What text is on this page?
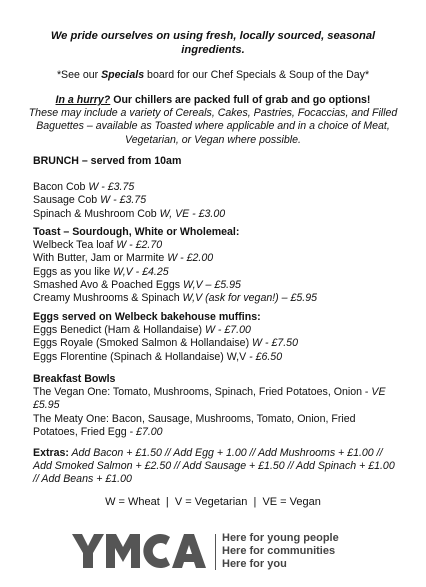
We pride ourselves on using fresh, locally sourced, seasonal ingredients.
*See our Specials board for our Chef Specials & Soup of the Day*
In a hurry? Our chillers are packed full of grab and go options!
These may include a variety of Cereals, Cakes, Pastries, Focaccias, and Filled Baguettes – available as Toasted where applicable and in a choice of Meat, Vegetarian, or Vegan where possible.
BRUNCH – served from 10am
Bacon Cob W - £3.75
Sausage Cob W - £3.75
Spinach & Mushroom Cob W, VE - £3.00
Toast – Sourdough, White or Wholemeal:
Welbeck Tea loaf W - £2.70
With Butter, Jam or Marmite W - £2.00
Eggs as you like W,V - £4.25
Smashed Avo & Poached Eggs W,V – £5.95
Creamy Mushrooms & Spinach W,V (ask for vegan!) – £5.95
Eggs served on Welbeck bakehouse muffins:
Eggs Benedict (Ham & Hollandaise) W - £7.00
Eggs Royale (Smoked Salmon & Hollandaise) W - £7.50
Eggs Florentine (Spinach & Hollandaise) W,V - £6.50
Breakfast Bowls
The Vegan One: Tomato, Mushrooms, Spinach, Fried Potatoes, Onion - VE £5.95
The Meaty One: Bacon, Sausage, Mushrooms, Tomato, Onion, Fried Potatoes, Fried Egg - £7.00
Extras: Add Bacon + £1.50 // Add Egg + 1.00 // Add Mushrooms + £1.00 // Add Smoked Salmon + £2.50 // Add Sausage + £1.50 // Add Spinach + £1.00 // Add Beans + £1.00
W = Wheat  |  V = Vegetarian  |  VE = Vegan
Here for young people
Here for communities
Here for you
